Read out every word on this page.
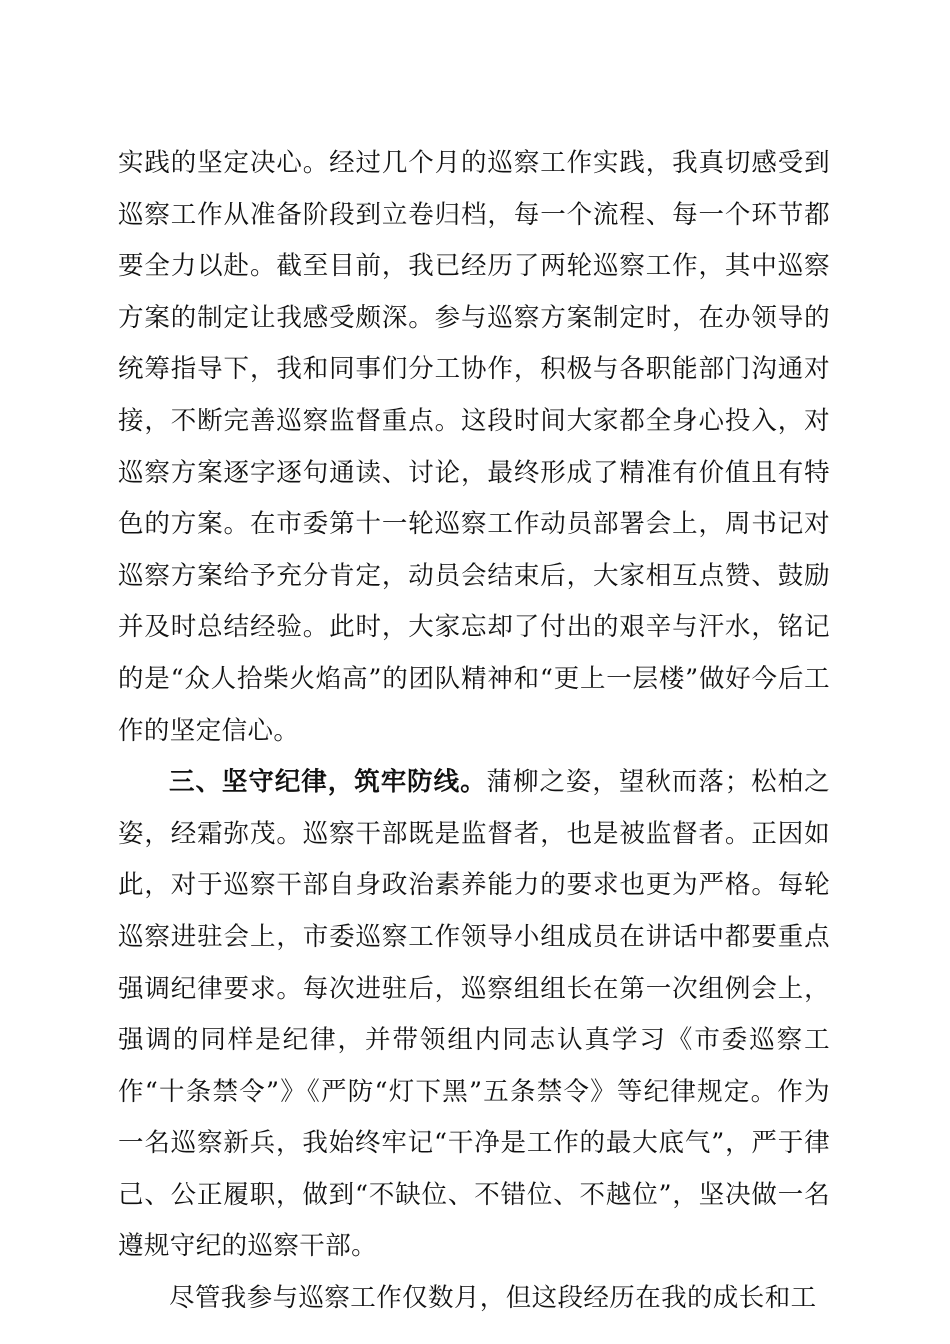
实践的坚定决心。经过几个月的巡察工作实践，我真切感受到巡察工作从准备阶段到立卷归档，每一个流程、每一个环节都要全力以赴。截至目前，我已经历了两轮巡察工作，其中巡察方案的制定让我感受颇深。参与巡察方案制定时，在办领导的统筹指导下，我和同事们分工协作，积极与各职能部门沟通对接，不断完善巡察监督重点。这段时间大家都全身心投入，对巡察方案逐字逐句通读、讨论，最终形成了精准有价值且有特色的方案。在市委第十一轮巡察工作动员部署会上，周书记对巡察方案给予充分肯定，动员会结束后，大家相互点赞、鼓励并及时总结经验。此时，大家忘却了付出的艰辛与汗水，铭记的是“众人拾柴火焰高”的团队精神和“更上一层楼”做好今后工作的坚定信心。

三、坚守纪律，筑牢防线。蒲柳之姿，望秋而落；松柏之姿，经霜弥茂。巡察干部既是监督者，也是被监督者。正因如此，对于巡察干部自身政治素养能力的要求也更为严格。每轮巡察进驻会上，市委巡察工作领导小组成员在讲话中都要重点强调纪律要求。每次进驻后，巡察组组长在第一次组例会上，强调的同样是纪律，并带领组内同志认真学习《市委巡察工作“十条禁令”》《严防“灯下黑”五条禁令》等纪律规定。作为一名巡察新兵，我始终牢记“干净是工作的最大底气”，严于律己、公正履职，做到“不缺位、不错位、不越位”，坚决做一名遵规守纪的巡察干部。

尽管我参与巡察工作仅数月，但这段经历在我的成长和工
